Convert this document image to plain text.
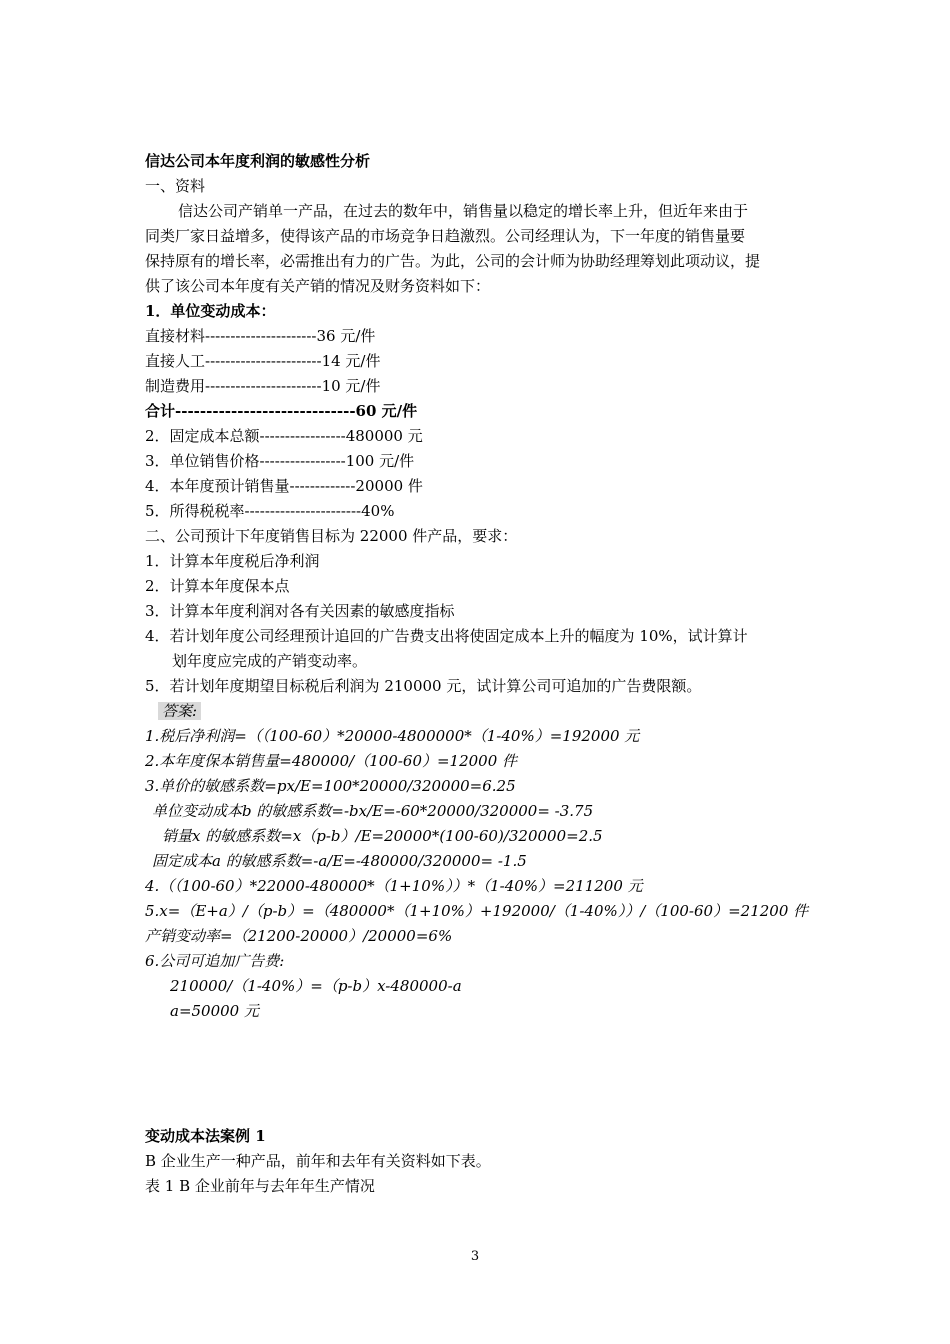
信达公司本年度利润的敏感性分析
一、资料
信达公司产销单一产品，在过去的数年中，销售量以稳定的增长率上升，但近年来由于
同类厂家日益增多，使得该产品的市场竞争日趋激烈。公司经理认为，下一年度的销售量要
保持原有的增长率，必需推出有力的广告。为此，公司的会计师为协助经理筹划此项动议，提
供了该公司本年度有关产销的情况及财务资料如下：
1．单位变动成本：
直接材料----------------------36 元/件
直接人工-----------------------14 元/件
制造费用-----------------------10 元/件
合计-----------------------------60 元/件
2．固定成本总额-----------------480000 元
3．单位销售价格-----------------100 元/件
4．本年度预计销售量-------------20000 件
5．所得税税率-----------------------40%
二、公司预计下年度销售目标为 22000 件产品，要求：
1．计算本年度税后净利润
2．计算本年度保本点
3．计算本年度利润对各有关因素的敏感度指标
4．若计划年度公司经理预计追回的广告费支出将使固定成本上升的幅度为 10%，试计算计
划年度应完成的产销变动率。
5．若计划年度期望目标税后利润为 210000 元，试计算公司可追加的广告费限额。
答案:
1.税后净利润=（（100-60）*20000-4800000*（1-40%）=192000 元
2.本年度保本销售量=480000/（100-60）=12000 件
3.单价的敏感系数=px/E=100*20000/320000=6.25
单位变动成本b 的敏感系数=-bx/E=-60*20000/320000= -3.75
销量x 的敏感系数=x（p-b）/E=20000*(100-60)/320000=2.5
固定成本a 的敏感系数=-a/E=-480000/320000= -1.5
4.（（100-60）*22000-480000*（1+10%））*（1-40%）=211200 元
5.x=（E+a）/（p-b）=（480000*（1+10%）+192000/（1-40%））/（100-60）=21200 件
产销变动率=（21200-20000）/20000=6%
6.公司可追加广告费:
210000/（1-40%）=（p-b）x-480000-a
a=50000 元
变动成本法案例 1
B 企业生产一种产品，前年和去年有关资料如下表。
表 1 B 企业前年与去年年生产情况
3
